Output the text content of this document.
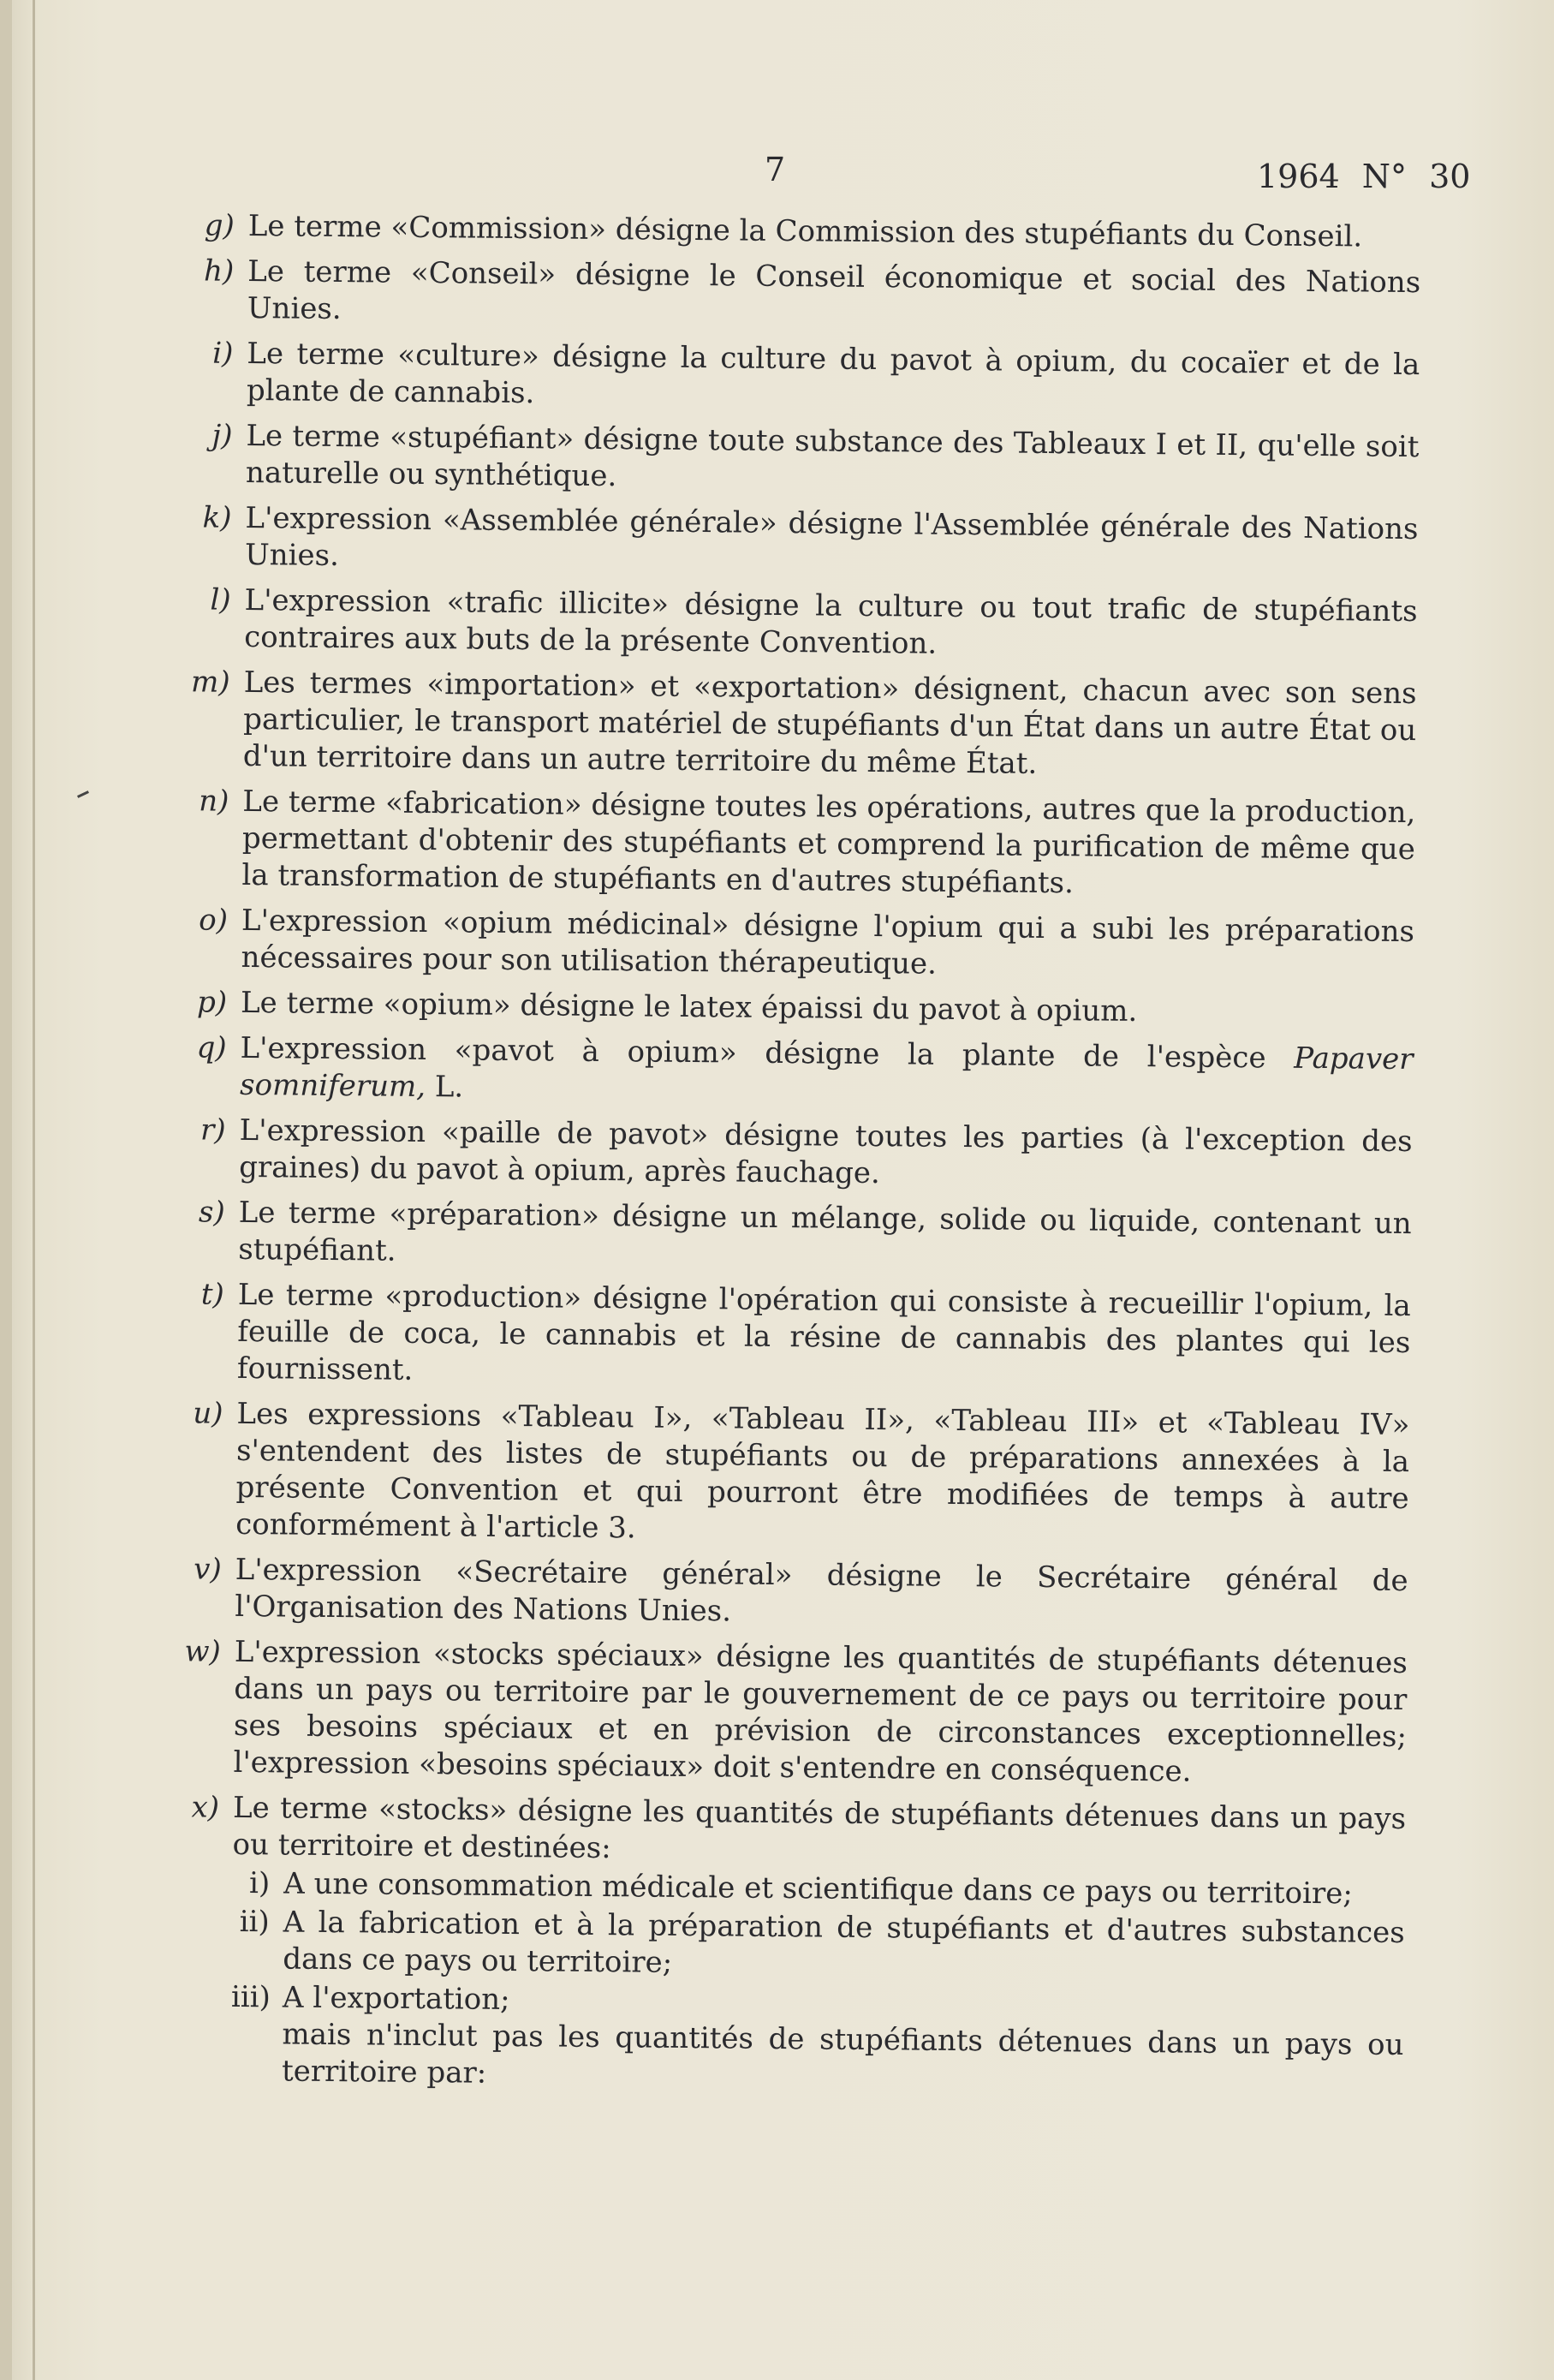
7	1964 N° 30
g) Le terme «Commission» désigne la Commission des stupéfiants du Conseil.
h) Le terme «Conseil» désigne le Conseil économique et social des Nations Unies.
i) Le terme «culture» désigne la culture du pavot à opium, du cocaïer et de la plante de cannabis.
j) Le terme «stupéfiant» désigne toute substance des Tableaux I et II, qu'elle soit naturelle ou synthétique.
k) L'expression «Assemblée générale» désigne l'Assemblée générale des Nations Unies.
l) L'expression «trafic illicite» désigne la culture ou tout trafic de stupéfiants contraires aux buts de la présente Convention.
m) Les termes «importation» et «exportation» désignent, chacun avec son sens particulier, le transport matériel de stupéfiants d'un État dans un autre État ou d'un territoire dans un autre territoire du même État.
n) Le terme «fabrication» désigne toutes les opérations, autres que la production, permettant d'obtenir des stupéfiants et comprend la purification de même que la transformation de stupéfiants en d'autres stupéfiants.
o) L'expression «opium médicinal» désigne l'opium qui a subi les préparations nécessaires pour son utilisation thérapeutique.
p) Le terme «opium» désigne le latex épaissi du pavot à opium.
q) L'expression «pavot à opium» désigne la plante de l'espèce Papaver somniferum, L.
r) L'expression «paille de pavot» désigne toutes les parties (à l'exception des graines) du pavot à opium, après fauchage.
s) Le terme «préparation» désigne un mélange, solide ou liquide, contenant un stupéfiant.
t) Le terme «production» désigne l'opération qui consiste à recueillir l'opium, la feuille de coca, le cannabis et la résine de cannabis des plantes qui les fournissent.
u) Les expressions «Tableau I», «Tableau II», «Tableau III» et «Tableau IV» s'entendent des listes de stupéfiants ou de préparations annexées à la présente Convention et qui pourront être modifiées de temps à autre conformément à l'article 3.
v) L'expression «Secrétaire général» désigne le Secrétaire général de l'Organisation des Nations Unies.
w) L'expression «stocks spéciaux» désigne les quantités de stupéfiants détenues dans un pays ou territoire par le gouvernement de ce pays ou territoire pour ses besoins spéciaux et en prévision de circonstances exceptionnelles; l'expression «besoins spéciaux» doit s'entendre en conséquence.
x) Le terme «stocks» désigne les quantités de stupéfiants détenues dans un pays ou territoire et destinées:
i) A une consommation médicale et scientifique dans ce pays ou territoire;
ii) A la fabrication et à la préparation de stupéfiants et d'autres substances dans ce pays ou territoire;
iii) A l'exportation;
mais n'inclut pas les quantités de stupéfiants détenues dans un pays ou territoire par:
